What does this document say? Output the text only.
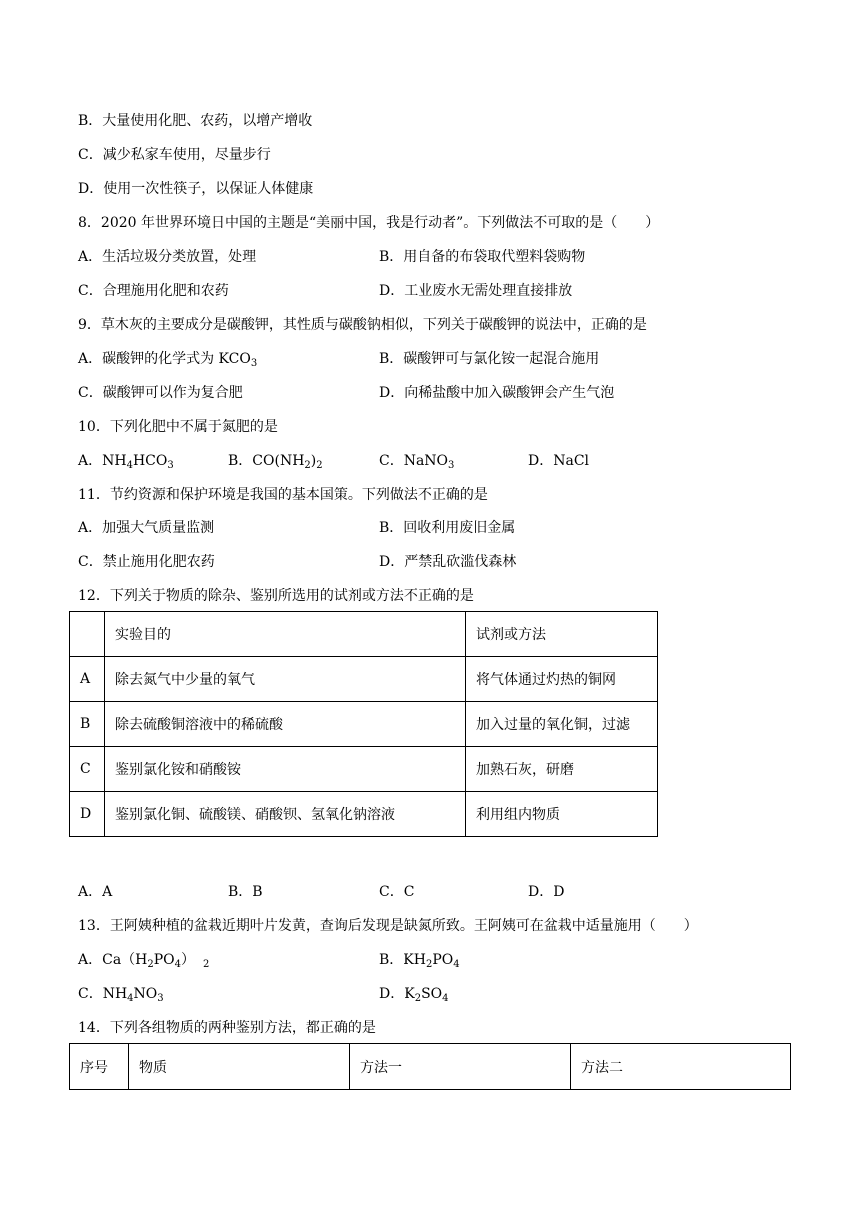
B．大量使用化肥、农药，以增产增收
C．减少私家车使用，尽量步行
D．使用一次性筷子，以保证人体健康
8．2020 年世界环境日中国的主题是“美丽中国，我是行动者”。下列做法不可取的是（　　）
A．生活垃圾分类放置，处理	B．用自备的布袋取代塑料袋购物
C．合理施用化肥和农药	D．工业废水无需处理直接排放
9．草木灰的主要成分是碳酸钾，其性质与碳酸钠相似，下列关于碳酸钾的说法中，正确的是
A．碳酸钾的化学式为 $KCO_3$	B．碳酸钾可与氯化铵一起混合施用
C．碳酸钾可以作为复合肥	D．向稀盐酸中加入碳酸钾会产生气泡
10．下列化肥中不属于氮肥的是
A．$NH_4HCO_3$	B．$CO(NH_2)_2$	C．NaNO$_3$	D．NaCl
11．节约资源和保护环境是我国的基本国策。下列做法不正确的是
A．加强大气质量监测	B．回收利用废旧金属
C．禁止施用化肥农药	D．严禁乱砍滥伐森林
12．下列关于物质的除杂、鉴别所选用的试剂或方法不正确的是
	实验目的	试剂或方法
A	除去氮气中少量的氧气	将气体通过灼热的铜网
B	除去硫酸铜溶液中的稀硫酸	加入过量的氧化铜，过滤
C	鉴别氯化铵和硝酸铵	加熟石灰，研磨
D	鉴别氯化铜、硫酸镁、硝酸钡、氢氧化钠溶液	利用组内物质
A．A	B．B	C．C	D．D
13．王阿姨种植的盆栽近期叶片发黄，查询后发现是缺氮所致。王阿姨可在盆栽中适量施用（　　）
A．$Ca(H_2PO_4)$ $_2$	B．$KH_2PO_4$
C．$NH_4NO_3$	D．$K_2SO_4$
14．下列各组物质的两种鉴别方法，都正确的是
序号	物质	方法一	方法二
